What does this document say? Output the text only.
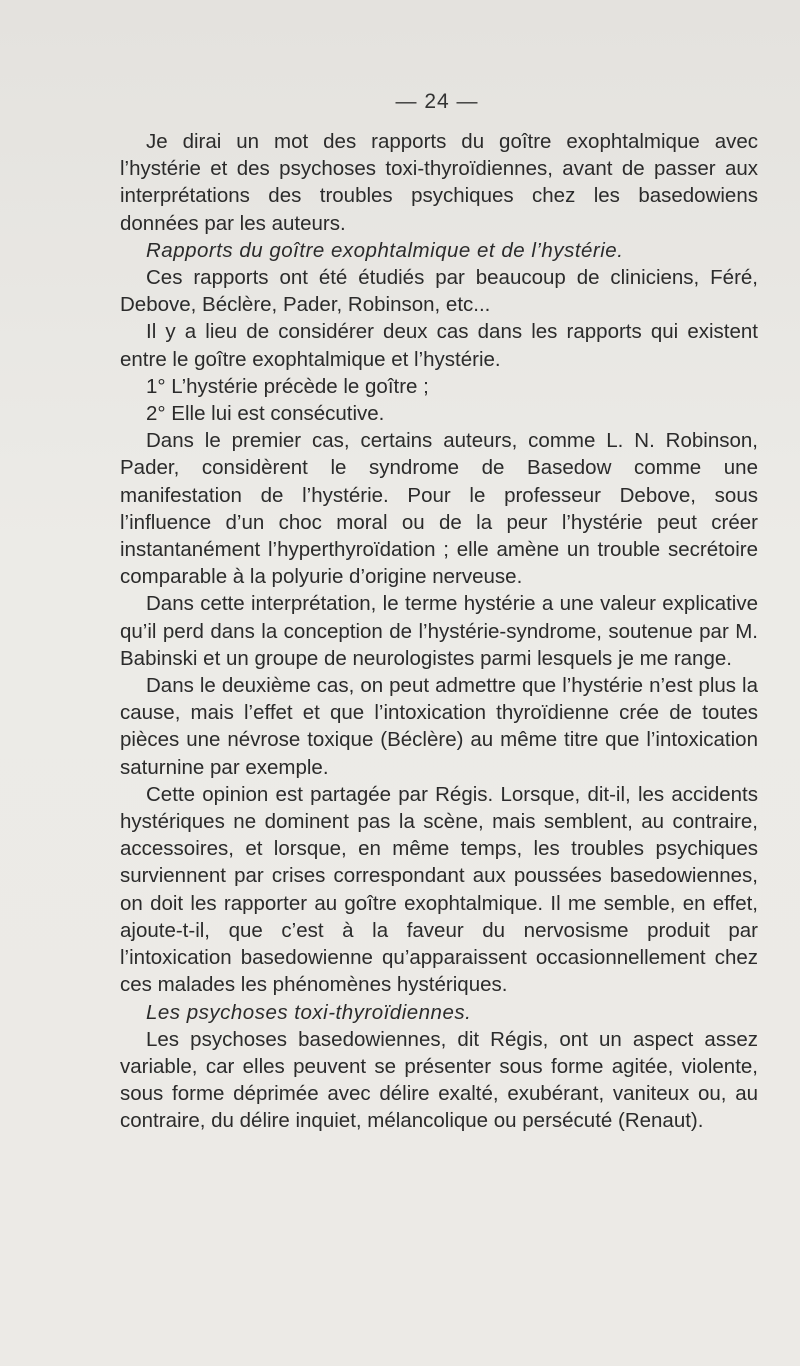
— 24 —

Je dirai un mot des rapports du goître exophtalmique avec l’hystérie et des psychoses toxi-thyroïdiennes, avant de passer aux interprétations des troubles psychiques chez les basedowiens données par les auteurs.

Rapports du goître exophtalmique et de l’hystérie.

Ces rapports ont été étudiés par beaucoup de cliniciens, Féré, Debove, Béclère, Pader, Robinson, etc...

Il y a lieu de considérer deux cas dans les rapports qui existent entre le goître exophtalmique et l’hystérie.

1° L’hystérie précède le goître ;

2° Elle lui est consécutive.

Dans le premier cas, certains auteurs, comme L. N. Robinson, Pader, considèrent le syndrome de Basedow comme une manifestation de l’hystérie. Pour le professeur Debove, sous l’influence d’un choc moral ou de la peur l’hystérie peut créer instantanément l’hyperthyroïdation ; elle amène un trouble secrétoire comparable à la polyurie d’origine nerveuse.

Dans cette interprétation, le terme hystérie a une valeur explicative qu’il perd dans la conception de l’hystérie-syndrome, soutenue par M. Babinski et un groupe de neurologistes parmi lesquels je me range.

Dans le deuxième cas, on peut admettre que l’hystérie n’est plus la cause, mais l’effet et que l’intoxication thyroïdienne crée de toutes pièces une névrose toxique (Béclère) au même titre que l’intoxication saturnine par exemple.

Cette opinion est partagée par Régis. Lorsque, dit-il, les accidents hystériques ne dominent pas la scène, mais semblent, au contraire, accessoires, et lorsque, en même temps, les troubles psychiques surviennent par crises correspondant aux poussées basedowiennes, on doit les rapporter au goître exophtalmique. Il me semble, en effet, ajoute-t-il, que c’est à la faveur du nervosisme produit par l’intoxication basedowienne qu’apparaissent occasionnellement chez ces malades les phénomènes hystériques.

Les psychoses toxi-thyroïdiennes.

Les psychoses basedowiennes, dit Régis, ont un aspect assez variable, car elles peuvent se présenter sous forme agitée, violente, sous forme déprimée avec délire exalté, exubérant, vaniteux ou, au contraire, du délire inquiet, mélancolique ou persécuté (Renaut).
